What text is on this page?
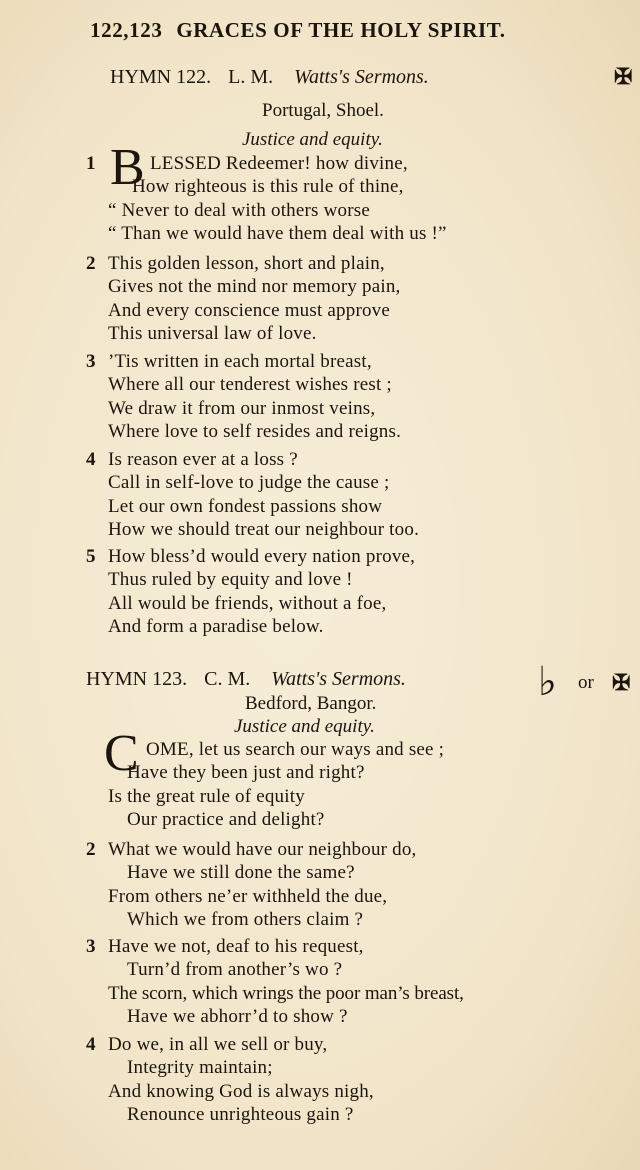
122,123 GRACES OF THE HOLY SPIRIT.
HYMN 122. L. M. Watts's Sermons.	✠
Portugal, Shoel.
Justice and equity.
1	LESSED Redeemer! how divine,
How righteous is this rule of thine,
“ Never to deal with others worse
“ Than we would have them deal with us !”
B
2 This golden lesson, short and plain,
Gives not the mind nor memory pain,
And every conscience must approve
This universal law of love.
3 ’Tis written in each mortal breast,
Where all our tenderest wishes rest ;
We draw it from our inmost veins,
Where love to self resides and reigns.
4 Is reason ever at a loss ?
Call in self-love to judge the cause ;
Let our own fondest passions show
How we should treat our neighbour too.
5 How bless’d would every nation prove,
Thus ruled by equity and love !
All would be friends, without a foe,
And form a paradise below.
HYMN 123. C. M. Watts's Sermons.	♭ or ✠
Bedford, Bangor.
Justice and equity.
OME, let us search our ways and see ;
Have they been just and right?
Is the great rule of equity
Our practice and delight?
C
2 What we would have our neighbour do,
Have we still done the same?
From others ne’er withheld the due,
Which we from others claim ?
3 Have we not, deaf to his request,
Turn’d from another’s wo ?
The scorn, which wrings the poor man’s breast,
Have we abhorr’d to show ?
4 Do we, in all we sell or buy,
Integrity maintain;
And knowing God is always nigh,
Renounce unrighteous gain ?
